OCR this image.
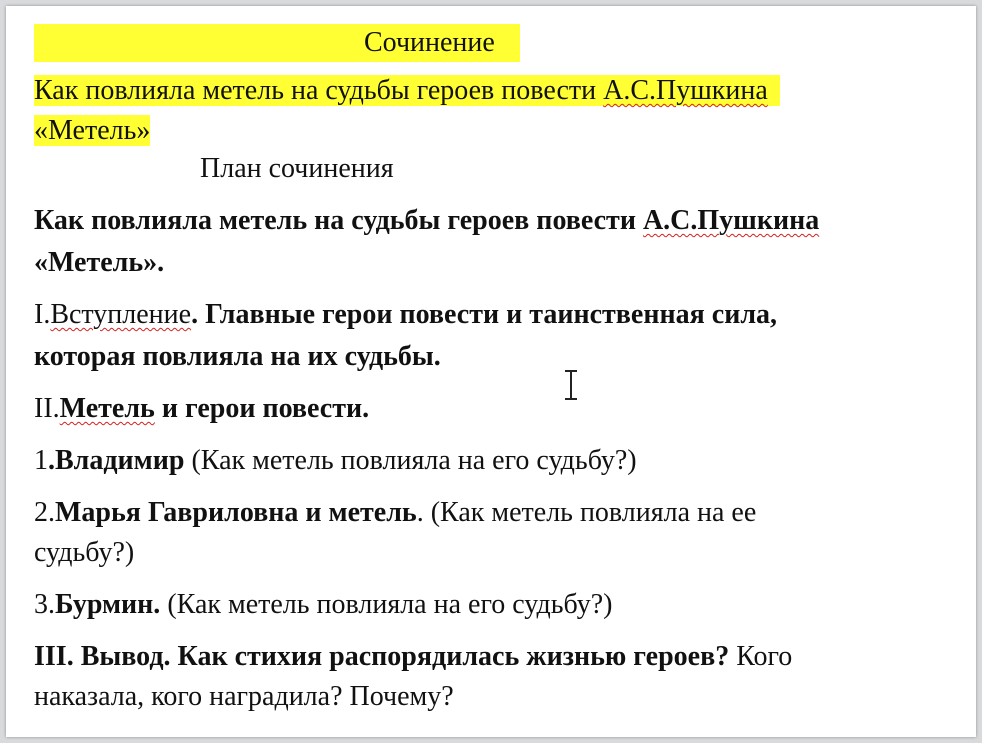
Сочинение
Как повлияла метель на судьбы героев повести А.С.Пушкина
«Метель»
План сочинения
Как повлияла метель на судьбы героев повести А.С.Пушкина
«Метель».
I.Вступление. Главные герои повести и таинственная сила,
которая повлияла на их судьбы.
II.Метель и герои повести.
1.Владимир (Как метель повлияла на его судьбу?)
2.Марья Гавриловна и метель. (Как метель повлияла на ее
судьбу?)
3.Бурмин. (Как метель повлияла на его судьбу?)
III. Вывод. Как стихия распорядилась жизнью героев? Кого
наказала, кого наградила? Почему?
